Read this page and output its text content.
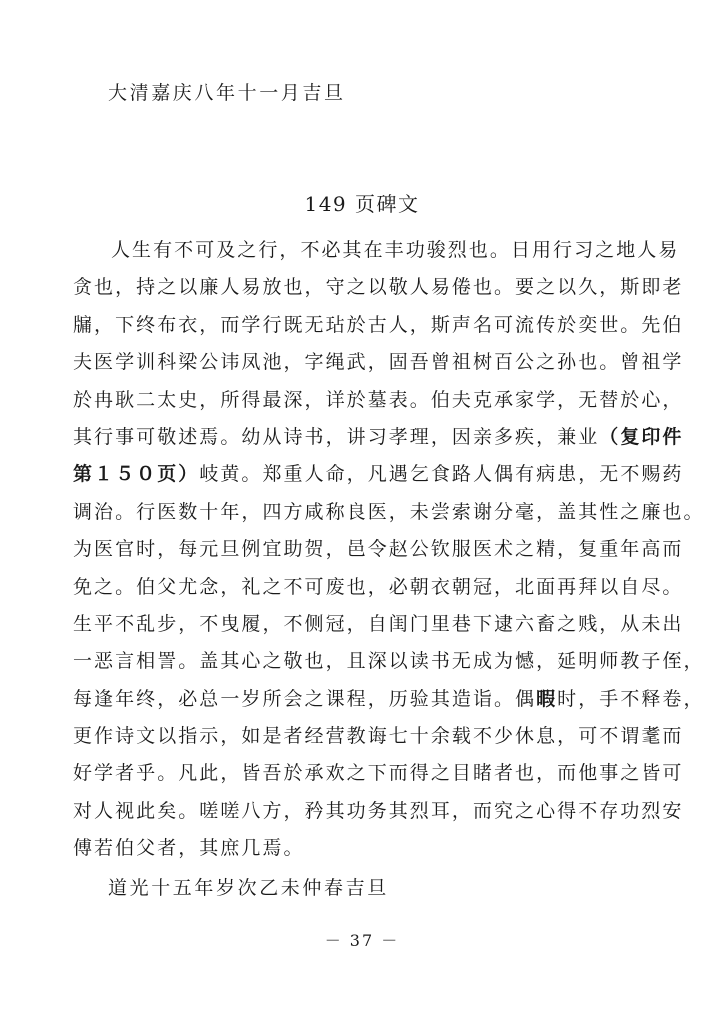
大清嘉庆八年十一月吉旦
149 页碑文
人生有不可及之行，不必其在丰功骏烈也。日用行习之地人易
贪也，持之以廉人易放也，守之以敬人易倦也。要之以久，斯即老
牖，下终布衣，而学行既无玷於古人，斯声名可流传於奕世。先伯
夫医学训科梁公讳凤池，字绳武，固吾曾祖树百公之孙也。曾祖学
於冉耿二太史，所得最深，详於墓表。伯夫克承家学，无替於心，
其行事可敬述焉。幼从诗书，讲习孝理，因亲多疾，兼业（复印件
第１５０页）岐黄。郑重人命，凡遇乞食路人偶有病患，无不赐药
调治。行医数十年，四方咸称良医，未尝索谢分毫，盖其性之廉也。
为医官时，每元旦例宜助贺，邑令赵公钦服医术之精，复重年高而
免之。伯父尤念，礼之不可废也，必朝衣朝冠，北面再拜以自尽。
生平不乱步，不曳履，不侧冠，自闺门里巷下逮六畜之贱，从未出
一恶言相詈。盖其心之敬也，且深以读书无成为憾，延明师教子侄，
每逢年终，必总一岁所会之课程，历验其造诣。偶暇时，手不释卷，
更作诗文以指示，如是者经营教诲七十余载不少休息，可不谓耄而
好学者乎。凡此，皆吾於承欢之下而得之目睹者也，而他事之皆可
对人视此矣。嗟嗟八方，矜其功务其烈耳，而究之心得不存功烈安
傅若伯父者，其庶几焉。
道光十五年岁次乙未仲春吉旦
－ 37 －
